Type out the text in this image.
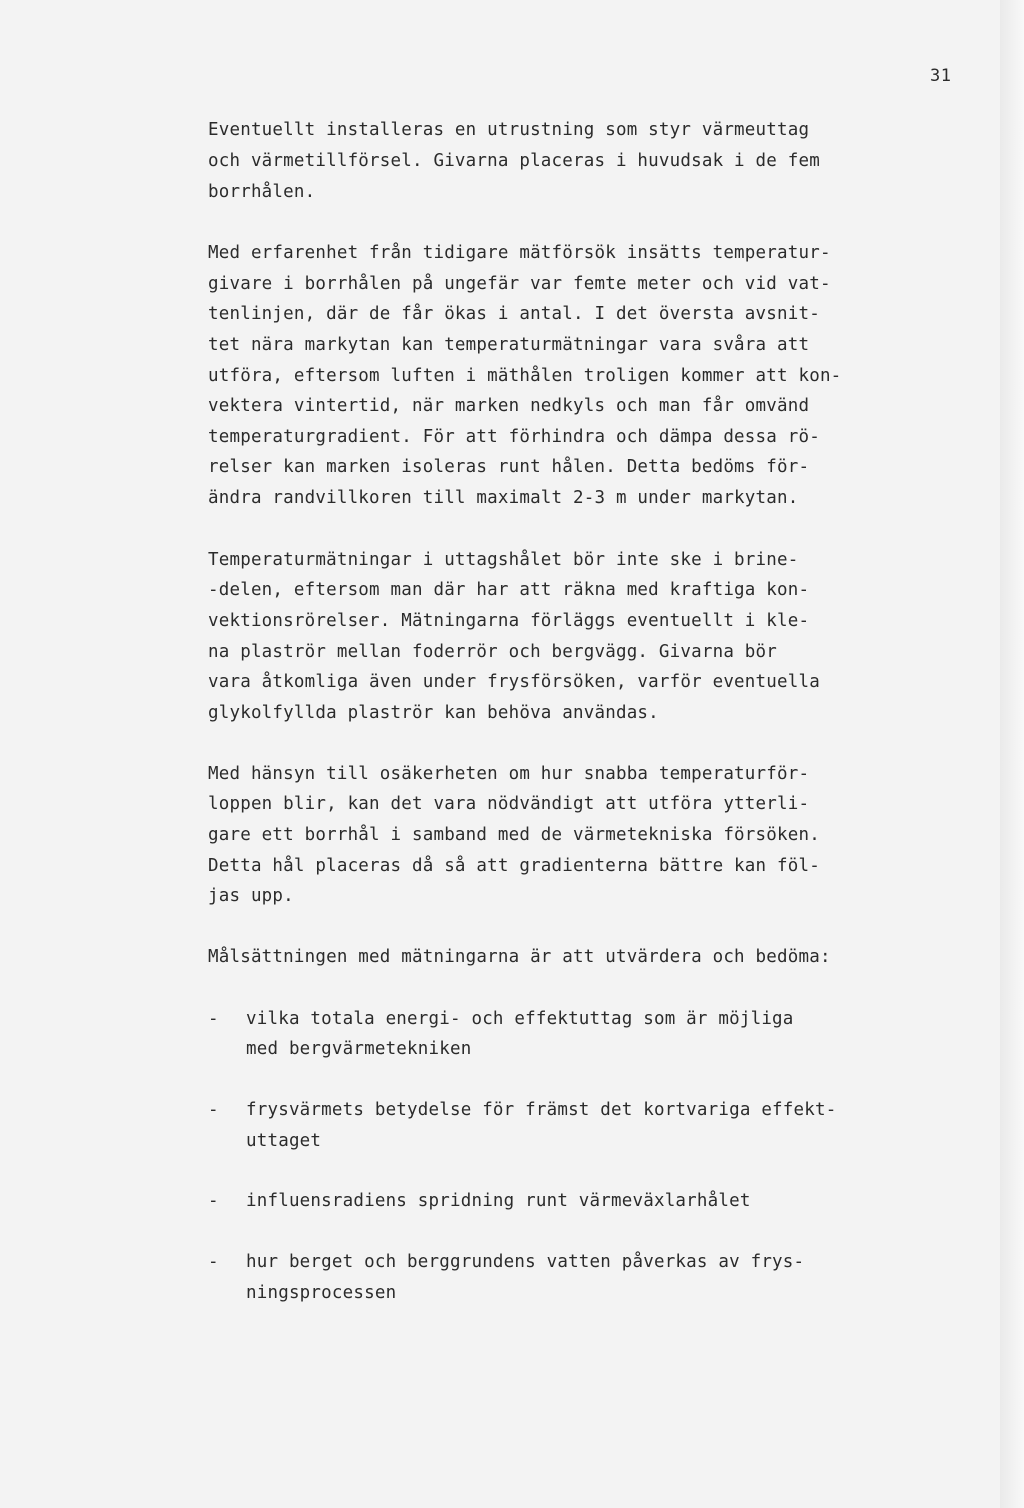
31
Eventuellt installeras en utrustning som styr värmeuttag
och värmetillförsel. Givarna placeras i huvudsak i de fem
borrhålen.
Med erfarenhet från tidigare mätförsök insätts temperatur-
givare i borrhålen på ungefär var femte meter och vid vat-
tenlinjen, där de får ökas i antal. I det översta avsnit-
tet nära markytan kan temperaturmätningar vara svåra att
utföra, eftersom luften i mäthålen troligen kommer att kon-
vektera vintertid, när marken nedkyls och man får omvänd
temperaturgradient. För att förhindra och dämpa dessa rö-
relser kan marken isoleras runt hålen. Detta bedöms för-
ändra randvillkoren till maximalt 2-3 m under markytan.
Temperaturmätningar i uttagshålet bör inte ske i brine-
-delen, eftersom man där har att räkna med kraftiga kon-
vektionsrörelser. Mätningarna förläggs eventuellt i kle-
na plaströr mellan foderrör och bergvägg. Givarna bör
vara åtkomliga även under frysförsöken, varför eventuella
glykolfyllda plaströr kan behöva användas.
Med hänsyn till osäkerheten om hur snabba temperaturför-
loppen blir, kan det vara nödvändigt att utföra ytterli-
gare ett borrhål i samband med de värmetekniska försöken.
Detta hål placeras då så att gradienterna bättre kan föl-
jas upp.
Målsättningen med mätningarna är att utvärdera och bedöma:
- vilka totala energi- och effektuttag som är möjliga
med bergvärmetekniken
- frysvärmets betydelse för främst det kortvariga effekt-
uttaget
- influensradiens spridning runt värmeväxlarhålet
- hur berget och berggrundens vatten påverkas av frys-
ningsprocessen
